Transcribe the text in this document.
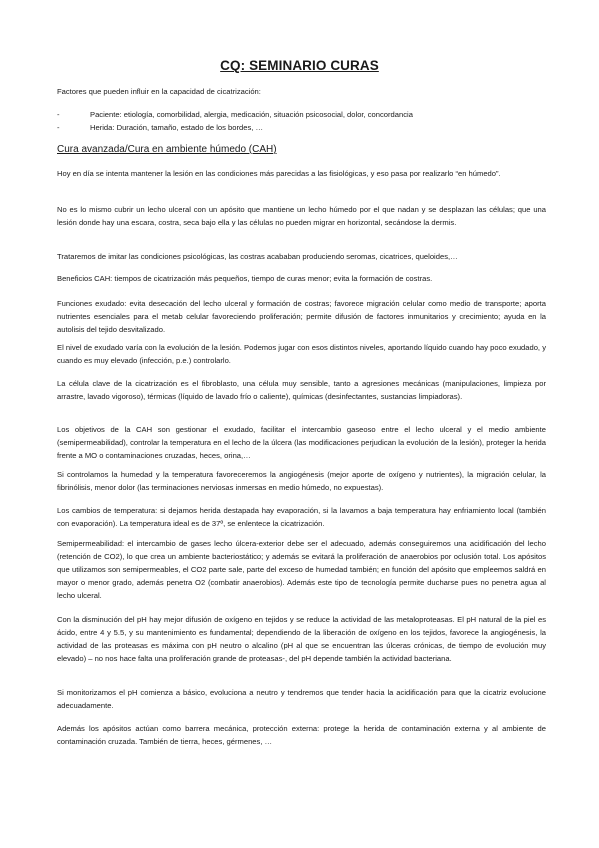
CQ: SEMINARIO CURAS
Factores que pueden influir en la capacidad de cicatrización:
-	Paciente: etiología, comorbilidad, alergia, medicación, situación psicosocial, dolor, concordancia
-	Herida: Duración, tamaño, estado de los bordes, …
Cura avanzada/Cura en ambiente húmedo (CAH)
Hoy en día se intenta mantener la lesión en las condiciones más parecidas a las fisiológicas, y eso pasa por realizarlo “en húmedo”.
No es lo mismo cubrir un lecho ulceral con un apósito que mantiene un lecho húmedo por el que nadan y se desplazan las células; que una lesión donde hay una escara, costra, seca bajo ella y las células no pueden migrar en horizontal, secándose la dermis.
Trataremos de imitar las condiciones psicológicas, las costras acababan produciendo seromas, cicatrices, queloides,…
Beneficios CAH: tiempos de cicatrización más pequeños, tiempo de curas menor; evita la formación de costras.
Funciones exudado: evita desecación del lecho ulceral y formación de costras; favorece migración celular como medio de transporte; aporta nutrientes esenciales para el metab celular favoreciendo proliferación; permite difusión de factores inmunitarios y crecimiento; ayuda en la autolisis del tejido desvitalizado.
El nivel de exudado varía con la evolución de la lesión. Podemos jugar con esos distintos niveles, aportando líquido cuando hay poco exudado, y cuando es muy elevado (infección, p.e.) controlarlo.
La célula clave de la cicatrización es el fibroblasto, una célula muy sensible, tanto a agresiones mecánicas (manipulaciones, limpieza por arrastre, lavado vigoroso), térmicas (líquido de lavado frío o caliente), químicas (desinfectantes, sustancias limpiadoras).
Los objetivos de la CAH son gestionar el exudado, facilitar el intercambio gaseoso entre el lecho ulceral y el medio ambiente (semipermeabilidad), controlar la temperatura en el lecho de la úlcera (las modificaciones perjudican la evolución de la lesión), proteger la herida frente a MO o contaminaciones cruzadas, heces, orina,…
Si controlamos la humedad y la temperatura favoreceremos la angiogénesis (mejor aporte de oxígeno y nutrientes), la migración celular, la fibrinólisis, menor dolor (las terminaciones nerviosas inmersas en medio húmedo, no expuestas).
Los cambios de temperatura: si dejamos herida destapada hay evaporación, si la lavamos a baja temperatura hay enfriamiento local (también con evaporación). La temperatura ideal es de 37º, se enlentece la cicatrización.
Semipermeabilidad: el intercambio de gases lecho úlcera-exterior debe ser el adecuado, además conseguiremos una acidificación del lecho (retención de CO2), lo que crea un ambiente bacteriostático; y además se evitará la proliferación de anaerobios por oclusión total. Los apósitos que utilizamos son semipermeables, el CO2 parte sale, parte del exceso de humedad también; en función del apósito que empleemos saldrá en mayor o menor grado, además penetra O2 (combatir anaerobios). Además este tipo de tecnología permite ducharse pues no penetra agua al lecho ulceral.
Con la disminución del pH hay mejor difusión de oxígeno en tejidos y se reduce la actividad de las metaloproteasas. El pH natural de la piel es ácido, entre 4 y 5.5, y su mantenimiento es fundamental; dependiendo de la liberación de oxígeno en los tejidos, favorece la angiogénesis, la actividad de las proteasas es máxima con pH neutro o alcalino (pH al que se encuentran las úlceras crónicas, de tiempo de evolución muy elevado) – no nos hace falta una proliferación grande de proteasas-, del pH depende también la actividad bacteriana.
Si monitorizamos el pH comienza a básico, evoluciona a neutro y tendremos que tender hacia la acidificación para que la cicatriz evolucione adecuadamente.
Además los apósitos actúan como barrera mecánica, protección externa: protege la herida de contaminación externa y al ambiente de contaminación cruzada. También de tierra, heces, gérmenes, …
